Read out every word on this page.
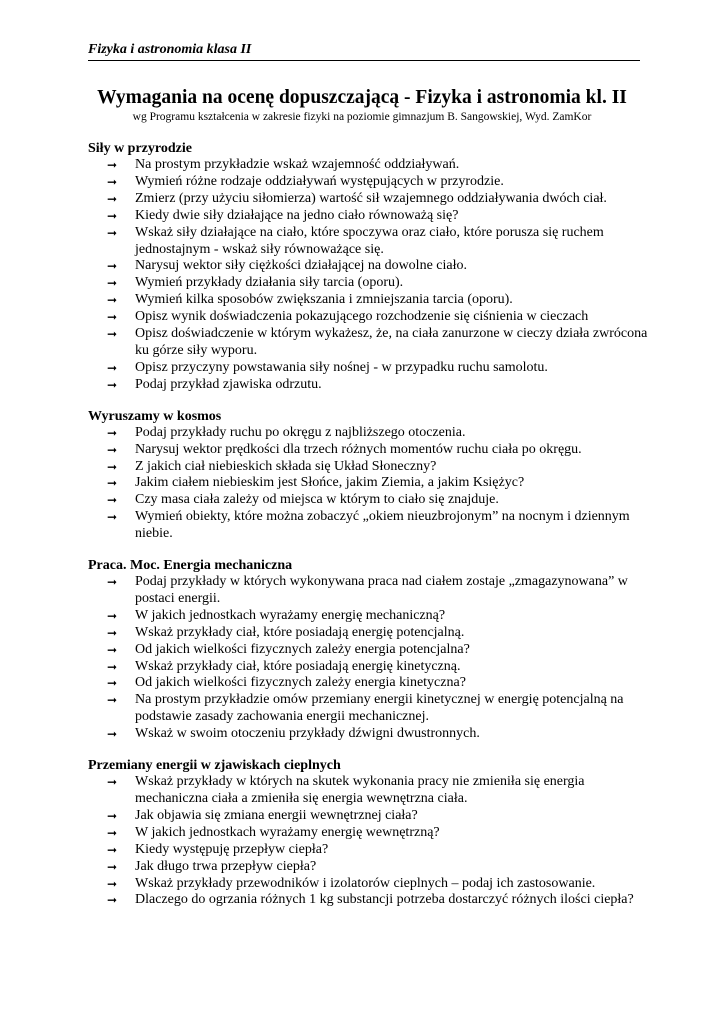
Fizyka i astronomia klasa II
Wymagania na ocenę dopuszczającą - Fizyka i astronomia kl. II
wg Programu kształcenia w zakresie fizyki na poziomie gimnazjum B. Sangowskiej, Wyd. ZamKor
Siły w przyrodzie
➞ Na prostym przykładzie wskaż wzajemność oddziaływań.
➞ Wymień różne rodzaje oddziaływań występujących w przyrodzie.
➞ Zmierz (przy użyciu siłomierza) wartość sił wzajemnego oddziaływania dwóch ciał.
➞ Kiedy dwie siły działające na jedno ciało równoważą się?
➞ Wskaż siły działające na ciało, które spoczywa oraz ciało, które porusza się ruchem jednostajnym - wskaż siły równoważące się.
➞ Narysuj wektor siły ciężkości działającej na dowolne ciało.
➞ Wymień przykłady działania siły tarcia (oporu).
➞ Wymień kilka sposobów zwiększania i zmniejszania tarcia (oporu).
➞ Opisz wynik doświadczenia pokazującego rozchodzenie się ciśnienia w cieczach
➞ Opisz doświadczenie w którym wykażesz, że, na ciała zanurzone w cieczy działa zwrócona ku górze siły wyporu.
➞ Opisz przyczyny powstawania siły nośnej - w przypadku ruchu samolotu.
➞ Podaj przykład zjawiska odrzutu.
Wyruszamy w kosmos
➞ Podaj przykłady ruchu po okręgu z najbliższego otoczenia.
➞ Narysuj wektor prędkości dla trzech różnych momentów ruchu ciała po okręgu.
➞ Z jakich ciał niebieskich składa się Układ Słoneczny?
➞ Jakim ciałem niebieskim jest Słońce, jakim Ziemia, a jakim Księżyc?
➞ Czy masa ciała zależy od miejsca w którym to ciało się znajduje.
➞ Wymień obiekty, które można zobaczyć „okiem nieuzbrojonym” na nocnym i dziennym niebie.
Praca. Moc. Energia mechaniczna
➞ Podaj przykłady w których wykonywana praca nad ciałem zostaje „zmagazynowana” w postaci energii.
➞ W jakich jednostkach wyrażamy energię mechaniczną?
➞ Wskaż przykłady ciał, które posiadają energię potencjalną.
➞ Od jakich wielkości fizycznych zależy energia potencjalna?
➞ Wskaż przykłady ciał, które posiadają energię kinetyczną.
➞ Od jakich wielkości fizycznych zależy energia kinetyczna?
➞ Na prostym przykładzie omów przemiany energii kinetycznej w energię potencjalną na podstawie zasady zachowania energii mechanicznej.
➞ Wskaż w swoim otoczeniu przykłady dźwigni dwustronnych.
Przemiany energii w zjawiskach cieplnych
➞ Wskaż przykłady w których na skutek wykonania pracy nie zmieniła się energia mechaniczna ciała a zmieniła się energia wewnętrzna ciała.
➞ Jak objawia się zmiana energii wewnętrznej ciała?
➞ W jakich jednostkach wyrażamy energię wewnętrzną?
➞ Kiedy występuję przepływ ciepła?
➞ Jak długo trwa przepływ ciepła?
➞ Wskaż przykłady przewodników i izolatorów cieplnych – podaj ich zastosowanie.
➞ Dlaczego do ogrzania różnych 1 kg substancji potrzeba dostarczyć różnych ilości ciepła?
